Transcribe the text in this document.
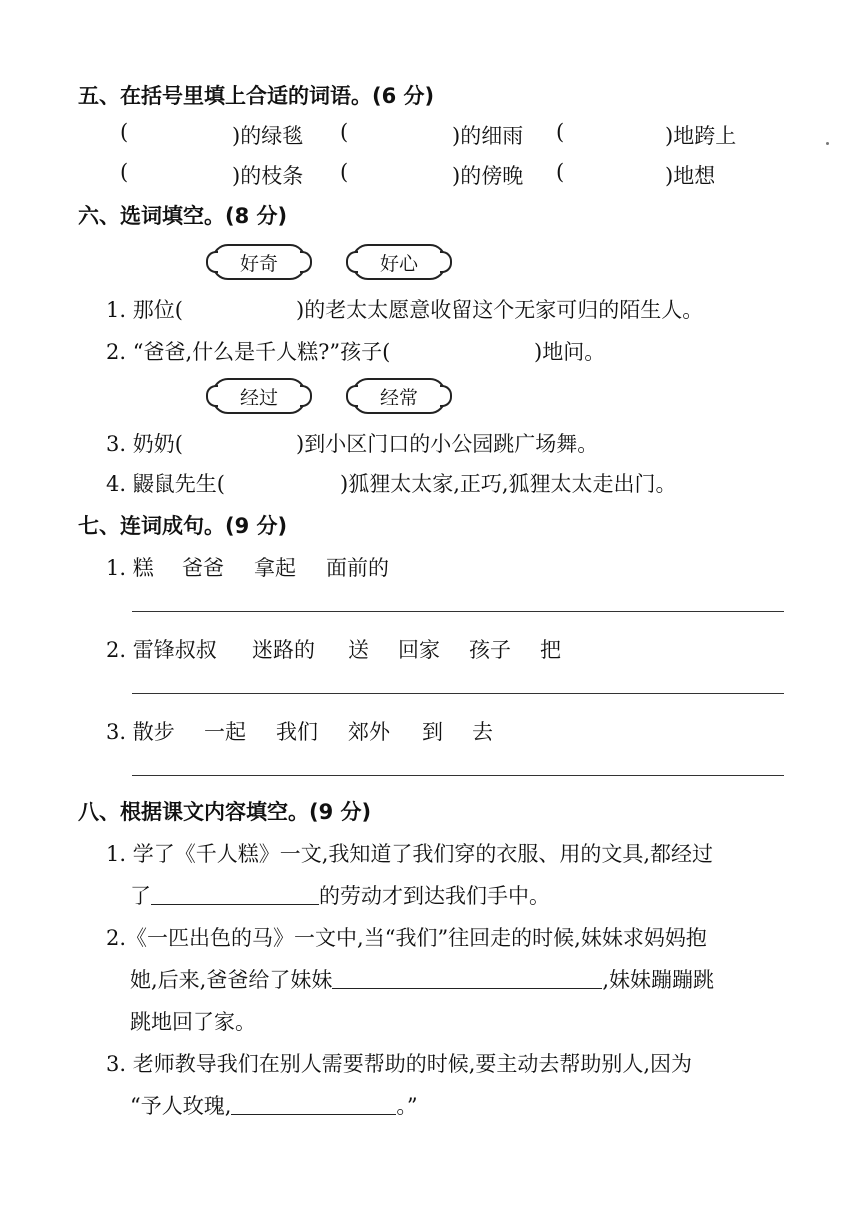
五、在括号里填上合适的词语。(6 分)
(	)的绿毯 (	)的细雨 (	)地跨上
(	)的枝条 (	)的傍晚 (	)地想
六、选词填空。(8 分)
好奇	好心
1. 那位(	)的老太太愿意收留这个无家可归的陌生人。
2. “爸爸,什么是千人糕?”孩子(	)地问。
经过	经常
3. 奶奶(	)到小区门口的小公园跳广场舞。
4. 鼹鼠先生(	)狐狸太太家,正巧,狐狸太太走出门。
七、连词成句。(9 分)
1. 糕 爸爸 拿起 面前的
2. 雷锋叔叔 迷路的 送 回家 孩子 把
3. 散步 一起 我们 郊外 到 去
八、根据课文内容填空。(9 分)
1. 学了《千人糕》一文,我知道了我们穿的衣服、用的文具,都经过
了	的劳动才到达我们手中。
2.《一匹出色的马》一文中,当“我们”往回走的时候,妹妹求妈妈抱
她,后来,爸爸给了妹妹	,妹妹蹦蹦跳
跳地回了家。
3. 老师教导我们在别人需要帮助的时候,要主动去帮助别人,因为
“予人玫瑰,	。”
